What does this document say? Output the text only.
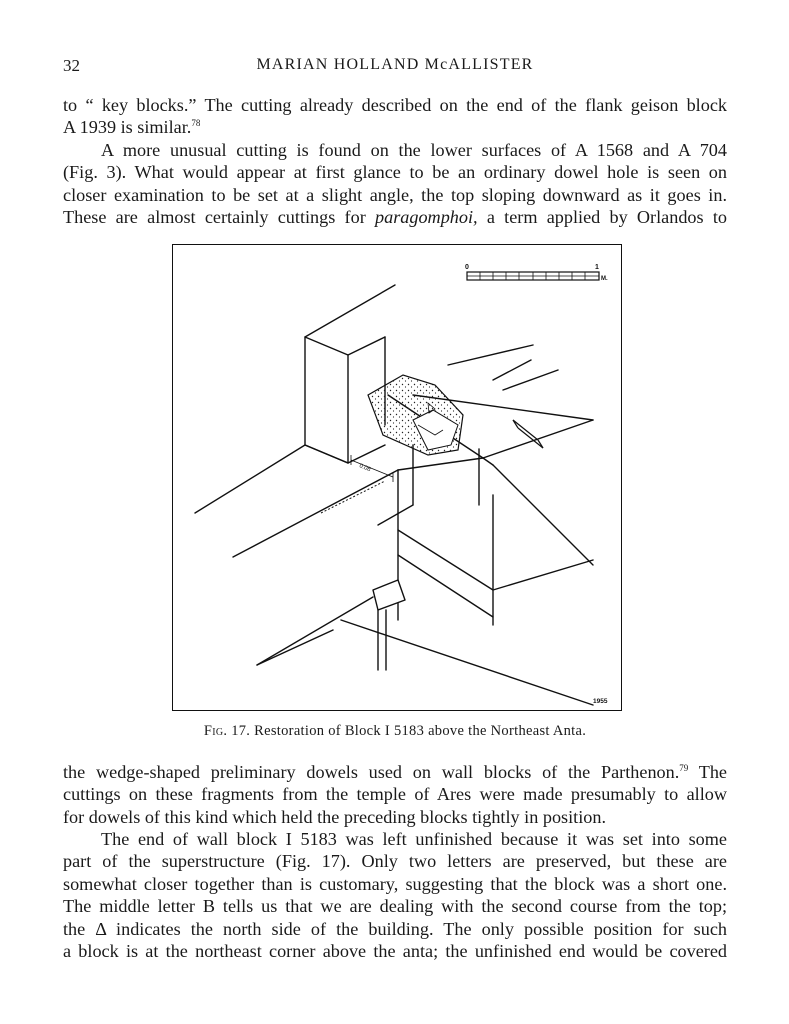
32	MARIAN HOLLAND McALLISTER
to “ key blocks.” The cutting already described on the end of the flank geison block
A 1939 is similar.$^{78}$
A more unusual cutting is found on the lower surfaces of A 1568 and A 704
(Fig. 3). What would appear at first glance to be an ordinary dowel hole is seen on
closer examination to be set at a slight angle, the top sloping downward as it goes in.
These are almost certainly cuttings for paragomphoi, a term applied by Orlandos to
0	1
M.
0.08
1955
Fig. 17. Restoration of Block I 5183 above the Northeast Anta.
the wedge-shaped preliminary dowels used on wall blocks of the Parthenon.$^{79}$ The
cuttings on these fragments from the temple of Ares were made presumably to allow
for dowels of this kind which held the preceding blocks tightly in position.
The end of wall block I 5183 was left unfinished because it was set into some
part of the superstructure (Fig. 17). Only two letters are preserved, but these are
somewhat closer together than is customary, suggesting that the block was a short one.
The middle letter B tells us that we are dealing with the second course from the top;
the Δ indicates the north side of the building. The only possible position for such
a block is at the northeast corner above the anta; the unfinished end would be covered
